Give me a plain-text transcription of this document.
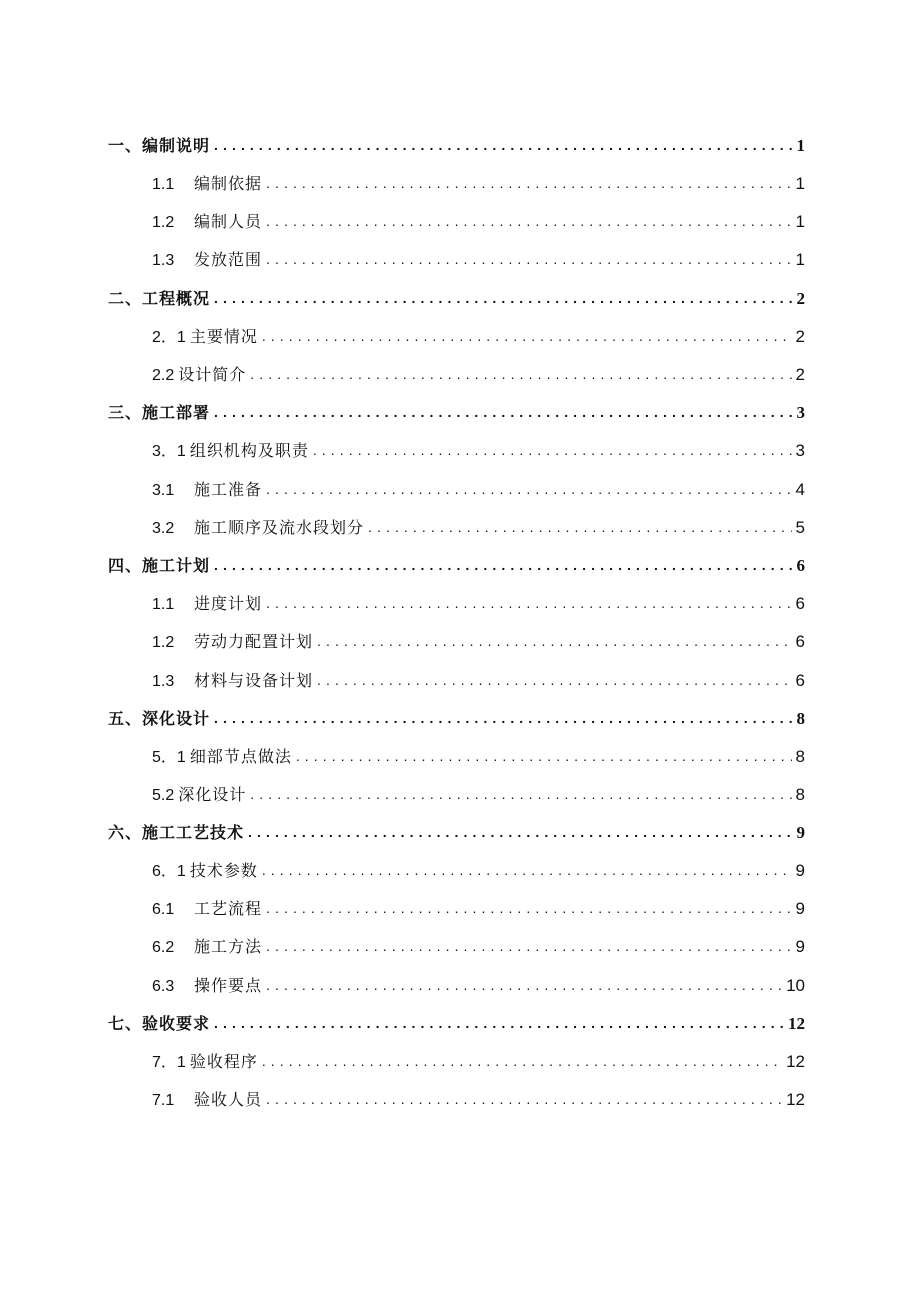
一、编制说明 . . .	1
1.1	编制依据 . . .	1
1.2	编制人员 . . .	1
1.3	发放范围 . . .	1
二、工程概况 . . .	2
2．1 主要情况 . . .	2
2.2 设计简介 . . .	2
三、施工部署 . . .	3
3．1 组织机构及职责 . . .	3
3.1	施工准备 . . .	4
3.2	施工顺序及流水段划分 . . .	5
四、施工计划 . . .	6
1.1	进度计划 . . .	6
1.2	劳动力配置计划 . . .	6
1.3	材料与设备计划 . . .	6
五、深化设计 . . .	8
5．1 细部节点做法 . . .	8
5.2 深化设计 . . .	8
六、施工工艺技术 . . .	9
6．1 技术参数 . . .	9
6.1	工艺流程 . . .	9
6.2	施工方法 . . .	9
6.3	操作要点 . . .	10
七、验收要求 . . .	12
7．1 验收程序 . . .	12
7.1	验收人员 . . .	12
